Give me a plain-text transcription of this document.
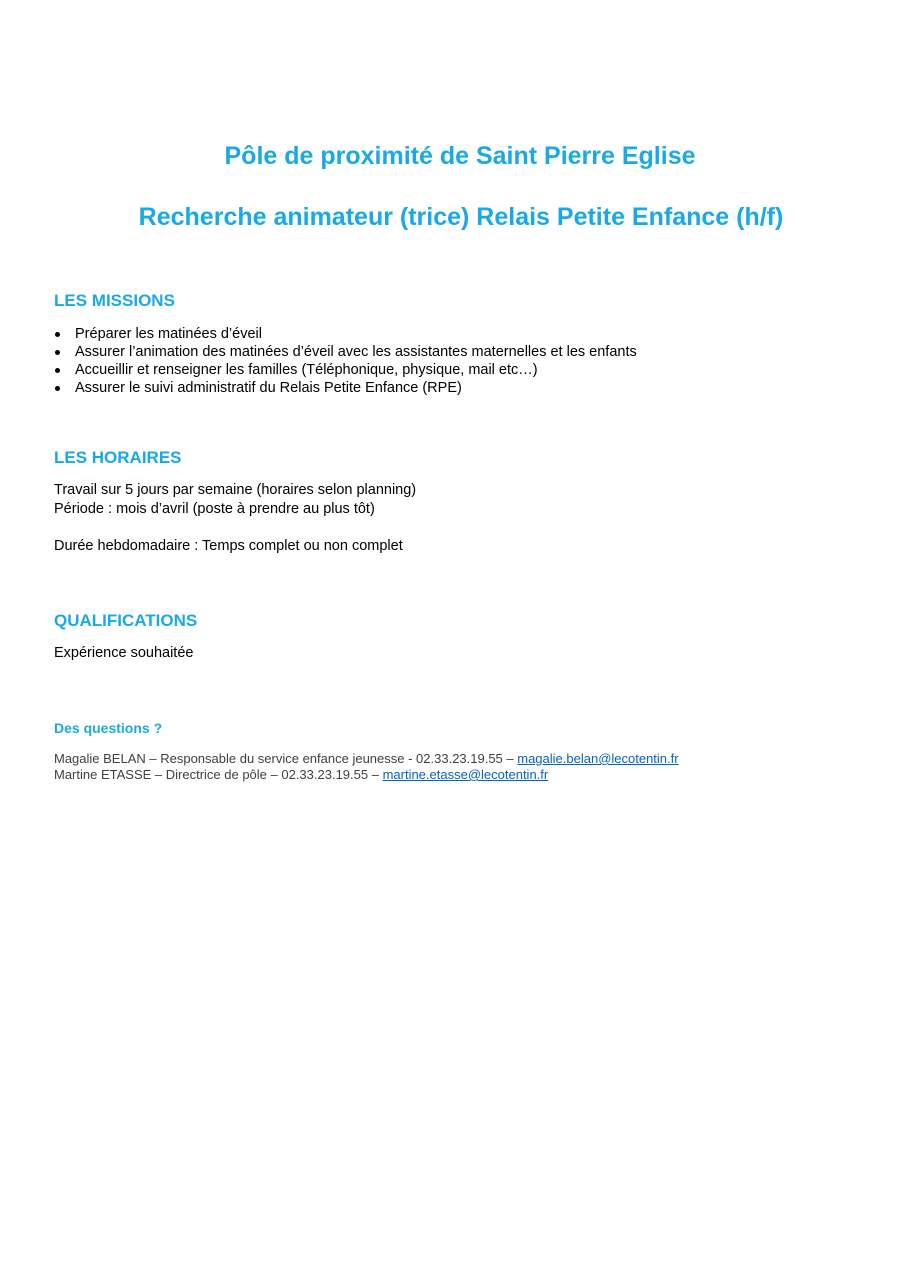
Pôle de proximité de Saint Pierre Eglise
Recherche animateur (trice) Relais Petite Enfance (h/f)
LES MISSIONS
Préparer les matinées d’éveil
Assurer l’animation des matinées d’éveil avec les assistantes maternelles et les enfants
Accueillir et renseigner les familles (Téléphonique, physique, mail etc…)
Assurer le suivi administratif du Relais Petite Enfance (RPE)
LES HORAIRES

Travail sur 5 jours par semaine (horaires selon planning)

Période : mois d’avril (poste à prendre au plus tôt)

Durée hebdomadaire : Temps complet ou non complet

QUALIFICATIONS

Expérience souhaitée

Des questions ?

Magalie BELAN – Responsable du service enfance jeunesse - 02.33.23.19.55 – magalie.belan@lecotentin.fr

Martine ETASSE – Directrice de pôle – 02.33.23.19.55 – martine.etasse@lecotentin.fr
